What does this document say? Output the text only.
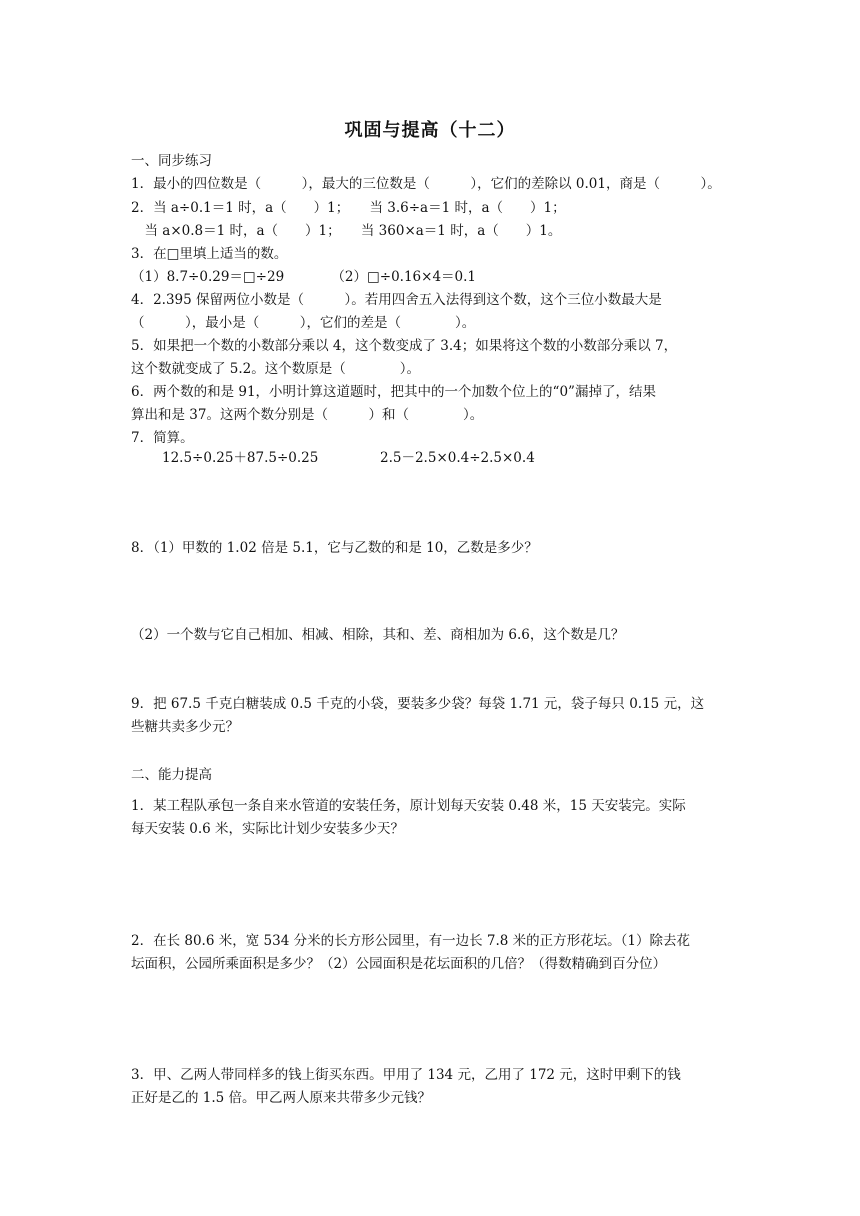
巩固与提高（十二）
一、同步练习
1．最小的四位数是（　　　），最大的三位数是（　　　），它们的差除以 0.01，商是（　　　）。
2．当 a÷0.1＝1 时，a（　　）1；　　当 3.6÷a＝1 时，a（　　）1；
　当 a×0.8＝1 时，a（　　）1；　　当 360×a＝1 时，a（　　）1。
3．在□里填上适当的数。
（1）8.7÷0.29＝□÷29　　　　（2）□÷0.16×4＝0.1
4．2.395 保留两位小数是（　　　）。若用四舍五入法得到这个数，这个三位小数最大是
（　　　），最小是（　　　），它们的差是（　　　　）。
5．如果把一个数的小数部分乘以 4，这个数变成了 3.4；如果将这个数的小数部分乘以 7，
这个数就变成了 5.2。这个数原是（　　　　）。
6．两个数的和是 91，小明计算这道题时，把其中的一个加数个位上的“0”漏掉了，结果
算出和是 37。这两个数分别是（　　　）和（　　　　）。
7．简算。
12.5÷0.25＋87.5÷0.25	2.5－2.5×0.4÷2.5×0.4
8．（1）甲数的 1.02 倍是 5.1，它与乙数的和是 10，乙数是多少？
（2）一个数与它自己相加、相减、相除，其和、差、商相加为 6.6，这个数是几？
9．把 67.5 千克白糖装成 0.5 千克的小袋，要装多少袋？每袋 1.71 元，袋子每只 0.15 元，这
些糖共卖多少元？
二、能力提高
1．某工程队承包一条自来水管道的安装任务，原计划每天安装 0.48 米，15 天安装完。实际
每天安装 0.6 米，实际比计划少安装多少天？
2．在长 80.6 米，宽 534 分米的长方形公园里，有一边长 7.8 米的正方形花坛。（1）除去花
坛面积，公园所乘面积是多少？（2）公园面积是花坛面积的几倍？（得数精确到百分位）
3．甲、乙两人带同样多的钱上街买东西。甲用了 134 元，乙用了 172 元，这时甲剩下的钱
正好是乙的 1.5 倍。甲乙两人原来共带多少元钱？
